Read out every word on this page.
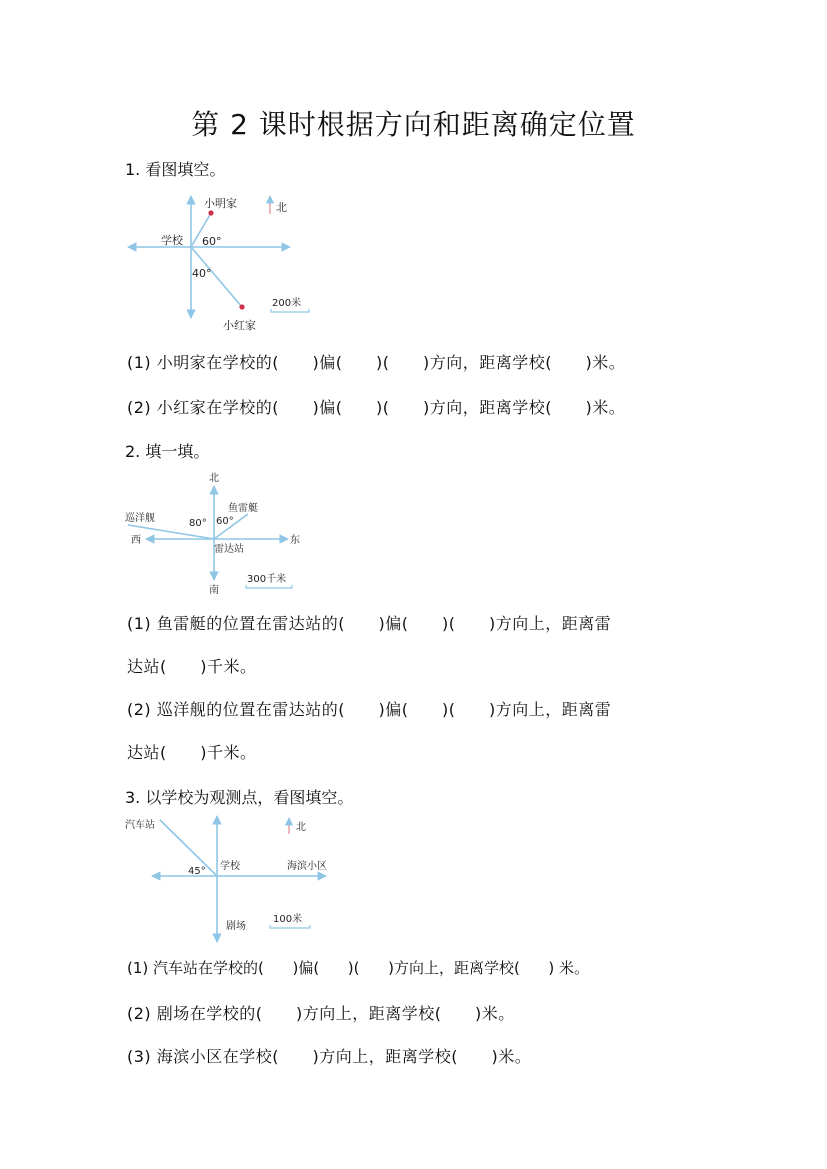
第 2 课时根据方向和距离确定位置
1. 看图填空。
小明家
学校
小红家
北
60°
40°
200米
(1) 小明家在学校的(      )偏(      )(      )方向，距离学校(      )米。
(2) 小红家在学校的(      )偏(      )(      )方向，距离学校(      )米。
2. 填一填。
北
南
东
西
鱼雷艇
巡洋舰
雷达站
80° 60°
300千米
(1) 鱼雷艇的位置在雷达站的(      )偏(      )(      )方向上，距离雷
达站(      )千米。
(2) 巡洋舰的位置在雷达站的(      )偏(      )(      )方向上，距离雷
达站(      )千米。
3. 以学校为观测点，看图填空。
汽车站
学校	海滨小区
剧场
北
45°
100米
(1) 汽车站在学校的(      )偏(      )(      )方向上，距离学校(      ) 米。
(2) 剧场在学校的(      )方向上，距离学校(      )米。
(3) 海滨小区在学校(      )方向上，距离学校(      )米。
